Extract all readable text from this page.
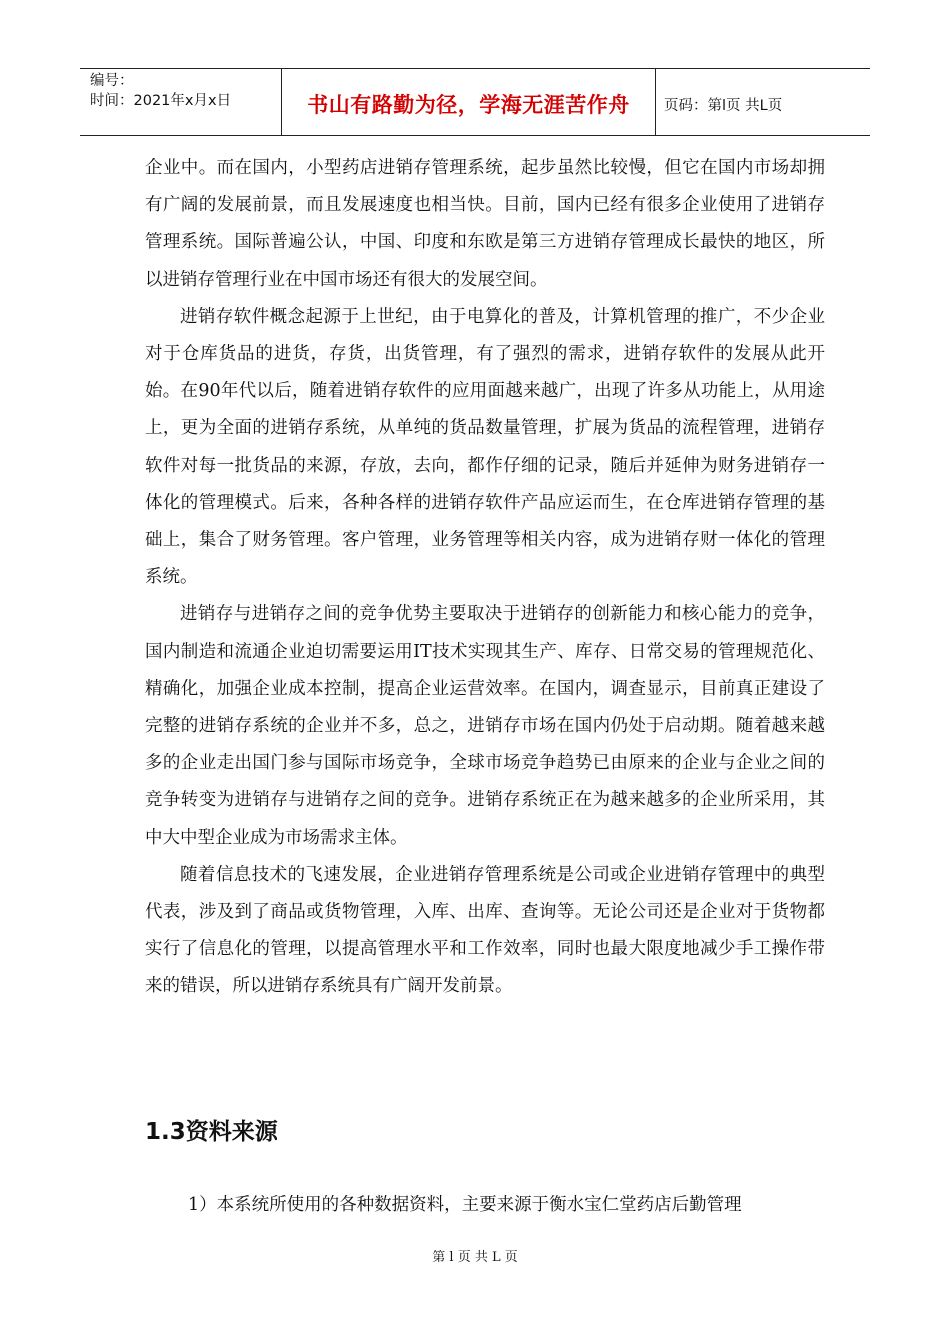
编号：
时间：2021年x月x日	书山有路勤为径，学海无涯苦作舟	页码：第l页 共L页

企业中。而在国内，小型药店进销存管理系统，起步虽然比较慢，但它在国内市场却拥有广阔的发展前景，而且发展速度也相当快。目前，国内已经有很多企业使用了进销存管理系统。国际普遍公认，中国、印度和东欧是第三方进销存管理成长最快的地区，所以进销存管理行业在中国市场还有很大的发展空间。

进销存软件概念起源于上世纪，由于电算化的普及，计算机管理的推广，不少企业对于仓库货品的进货，存货，出货管理，有了强烈的需求，进销存软件的发展从此开始。在90年代以后，随着进销存软件的应用面越来越广，出现了许多从功能上，从用途上，更为全面的进销存系统，从单纯的货品数量管理，扩展为货品的流程管理，进销存软件对每一批货品的来源，存放，去向，都作仔细的记录，随后并延伸为财务进销存一体化的管理模式。后来，各种各样的进销存软件产品应运而生，在仓库进销存管理的基础上，集合了财务管理。客户管理，业务管理等相关内容，成为进销存财一体化的管理系统。

进销存与进销存之间的竞争优势主要取决于进销存的创新能力和核心能力的竞争，国内制造和流通企业迫切需要运用IT技术实现其生产、库存、日常交易的管理规范化、精确化，加强企业成本控制，提高企业运营效率。在国内，调查显示，目前真正建设了完整的进销存系统的企业并不多，总之，进销存市场在国内仍处于启动期。随着越来越多的企业走出国门参与国际市场竞争，全球市场竞争趋势已由原来的企业与企业之间的竞争转变为进销存与进销存之间的竞争。进销存系统正在为越来越多的企业所采用，其中大中型企业成为市场需求主体。

随着信息技术的飞速发展，企业进销存管理系统是公司或企业进销存管理中的典型代表，涉及到了商品或货物管理，入库、出库、查询等。无论公司还是企业对于货物都实行了信息化的管理，以提高管理水平和工作效率，同时也最大限度地减少手工操作带来的错误，所以进销存系统具有广阔开发前景。

1.3资料来源

1）本系统所使用的各种数据资料，主要来源于衡水宝仁堂药店后勤管理

第 l 页 共 L 页
